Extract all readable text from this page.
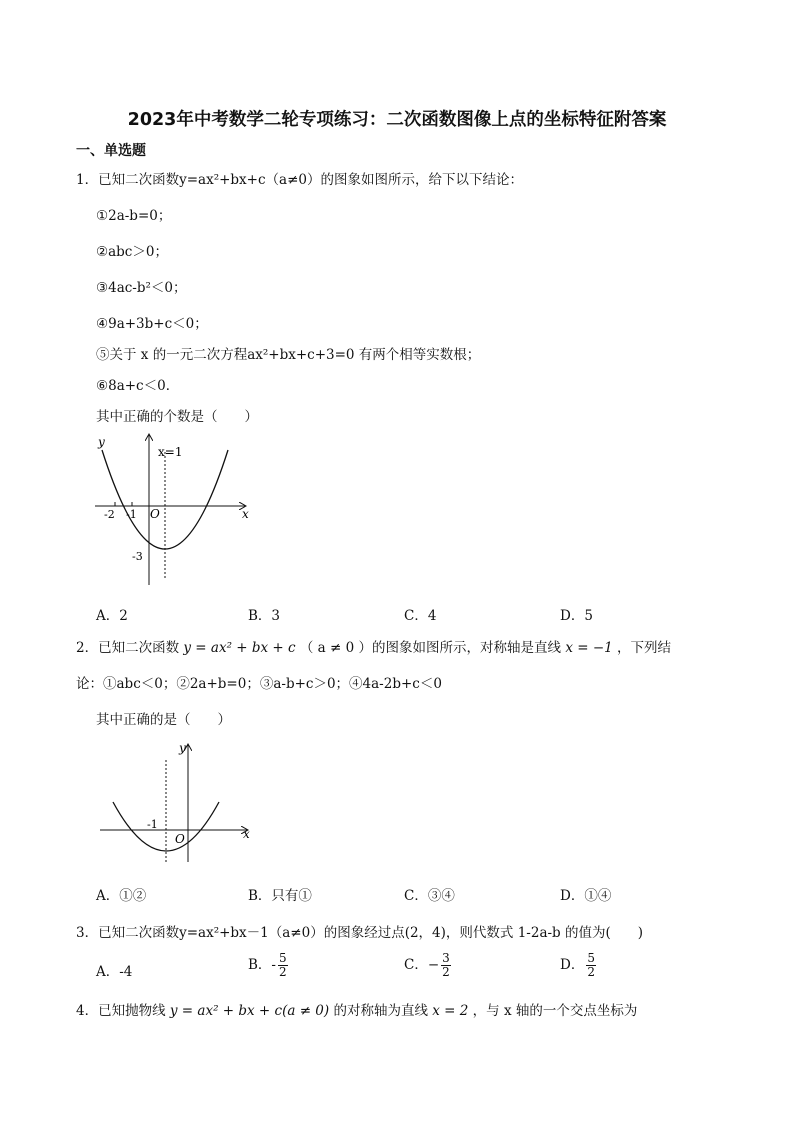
2023年中考数学二轮专项练习：二次函数图像上点的坐标特征附答案
一、单选题
1．已知二次函数y=ax²+bx+c（a≠0）的图象如图所示，给下以下结论：
①2a-b=0；
②abc＞0；
③4ac-b²＜0；
④9a+3b+c＜0；
⑤关于 x 的一元二次方程ax²+bx+c+3=0 有两个相等实数根；
⑥8a+c＜0．
其中正确的个数是（　　）
y
x
O
x=1
-2 -1
-3
A．2	B．3	C．4	D．5
2．已知二次函数 y = ax² + bx + c （ a ≠ 0 ）的图象如图所示，对称轴是直线 x = −1 ，下列结
论：①abc＜0；②2a+b=0；③a-b+c＞0；④4a-2b+c＜0
其中正确的是（　　）
y
x
O
-1
A．①②	B．只有①	C．③④	D．①④
3．已知二次函数y=ax²+bx－1（a≠0）的图象经过点(2，4)，则代数式 1-2a-b 的值为(　　)
A．-4	B．- $\frac{5}{2}$	C．− $\frac{3}{2}$	D． $\frac{5}{2}$
4．已知抛物线 y = ax² + bx + c(a ≠ 0) 的对称轴为直线 x = 2 ，与 x 轴的一个交点坐标为
